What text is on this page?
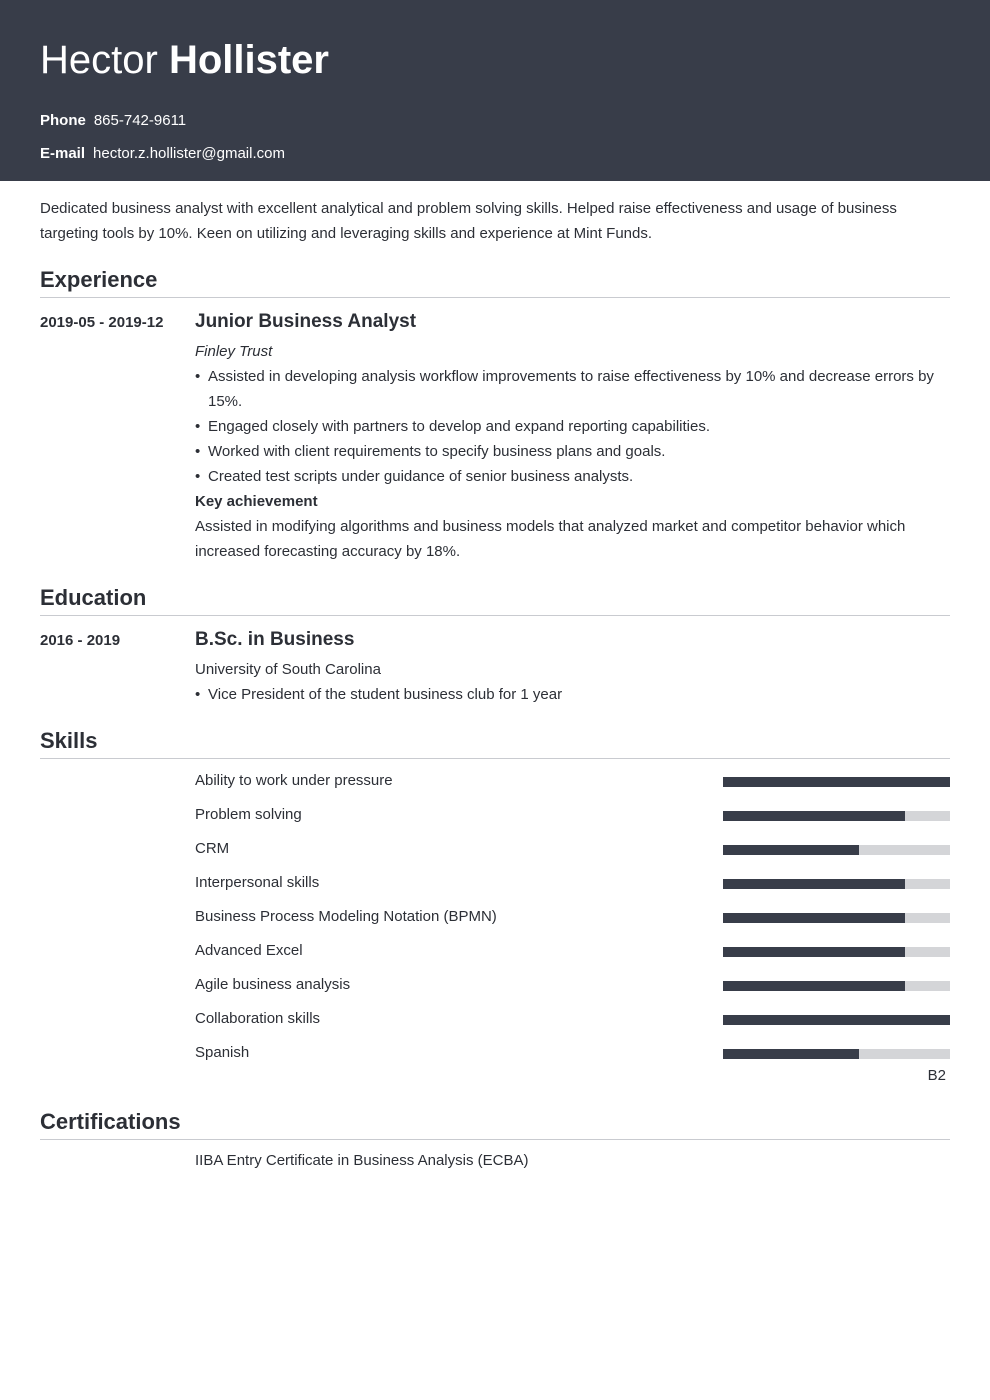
Hector Hollister
Phone 865-742-9611
E-mail hector.z.hollister@gmail.com
Dedicated business analyst with excellent analytical and problem solving skills. Helped raise effectiveness and usage of business targeting tools by 10%. Keen on utilizing and leveraging skills and experience at Mint Funds.
Experience
2019-05 - 2019-12 Junior Business Analyst
Finley Trust
• Assisted in developing analysis workflow improvements to raise effectiveness by 10% and decrease errors by 15%.
• Engaged closely with partners to develop and expand reporting capabilities.
• Worked with client requirements to specify business plans and goals.
• Created test scripts under guidance of senior business analysts.
Key achievement
Assisted in modifying algorithms and business models that analyzed market and competitor behavior which increased forecasting accuracy by 18%.
Education
2016 - 2019	B.Sc. in Business
University of South Carolina
• Vice President of the student business club for 1 year
Skills
Ability to work under pressure
Problem solving
CRM
Interpersonal skills
Business Process Modeling Notation (BPMN)
Advanced Excel
Agile business analysis
Collaboration skills
Spanish
B2
Certifications
IIBA Entry Certificate in Business Analysis (ECBA)
